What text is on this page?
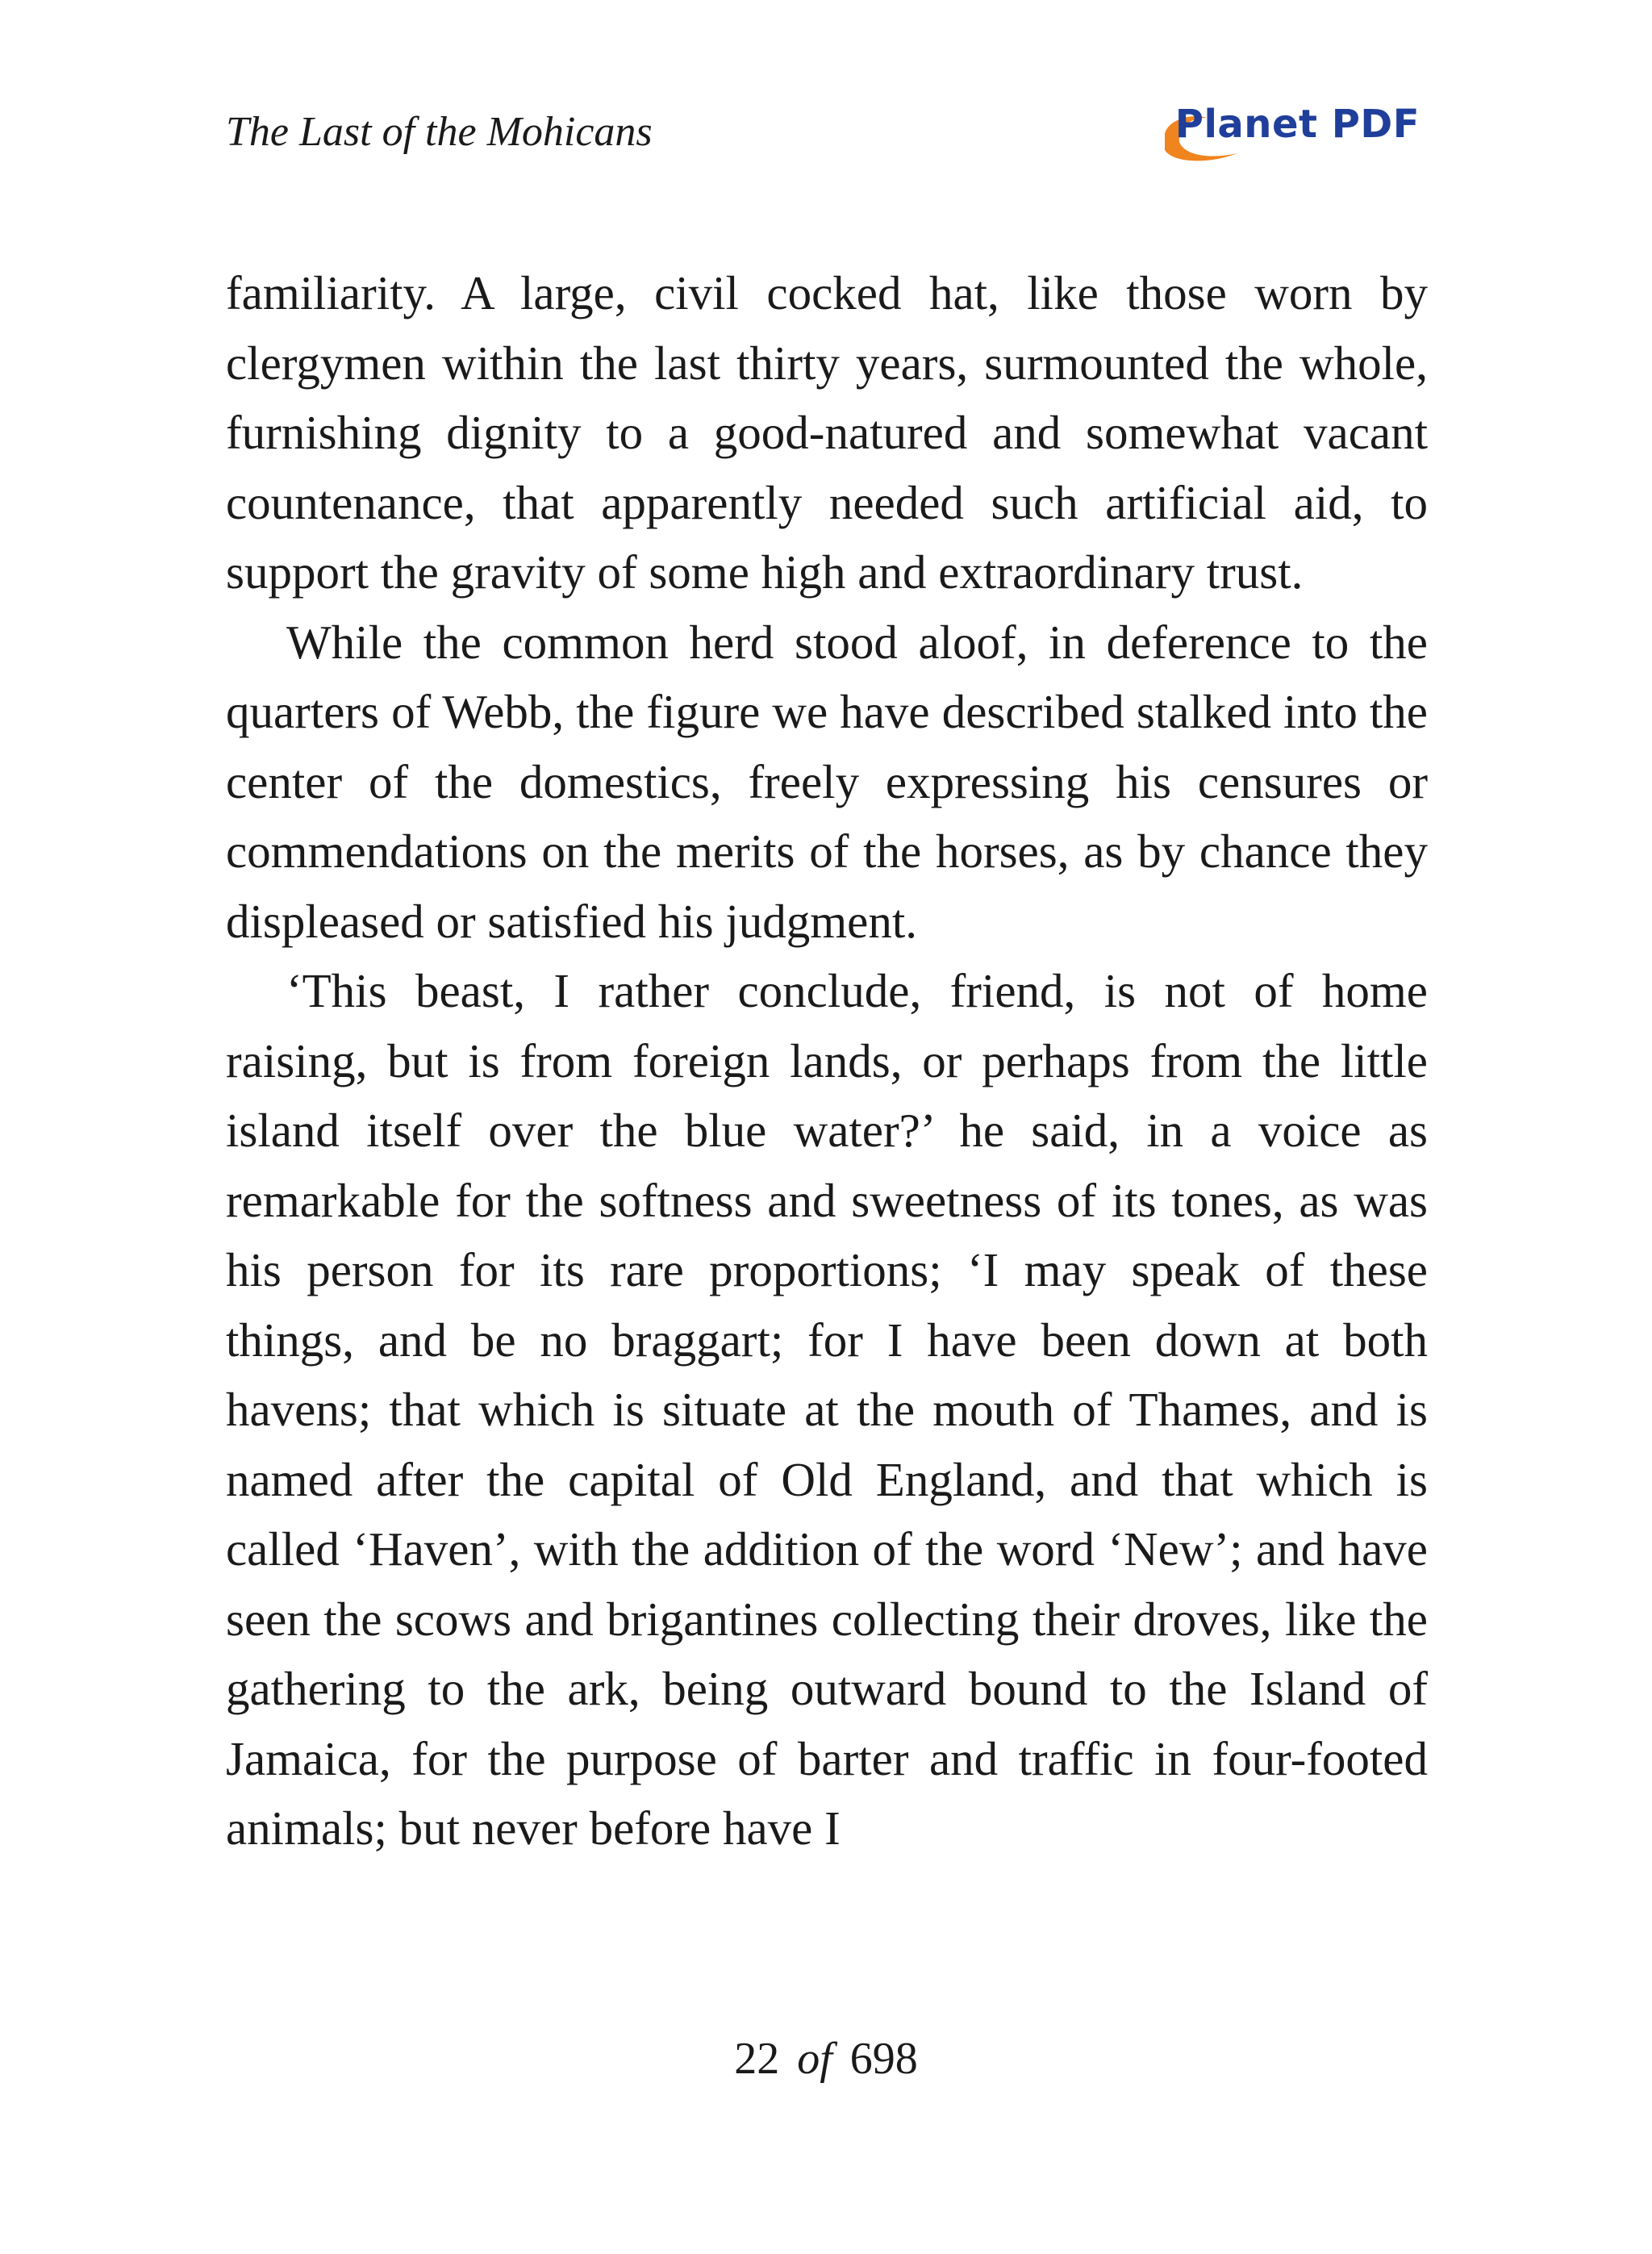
The Last of the Mohicans	Planet PDF

familiarity. A large, civil cocked hat, like those worn by clergymen within the last thirty years, surmounted the whole, furnishing dignity to a good-natured and somewhat vacant countenance, that apparently needed such artificial aid, to support the gravity of some high and extraordinary trust.

While the common herd stood aloof, in deference to the quarters of Webb, the figure we have described stalked into the center of the domestics, freely expressing his censures or commendations on the merits of the horses, as by chance they displeased or satisfied his judgment.

‘This beast, I rather conclude, friend, is not of home raising, but is from foreign lands, or perhaps from the little island itself over the blue water?’ he said, in a voice as remarkable for the softness and sweetness of its tones, as was his person for its rare proportions; ‘I may speak of these things, and be no braggart; for I have been down at both havens; that which is situate at the mouth of Thames, and is named after the capital of Old England, and that which is called ‘Haven’, with the addition of the word ‘New’; and have seen the scows and brigantines collecting their droves, like the gathering to the ark, being outward bound to the Island of Jamaica, for the purpose of barter and traffic in four-footed animals; but never before have I

22 of 698
